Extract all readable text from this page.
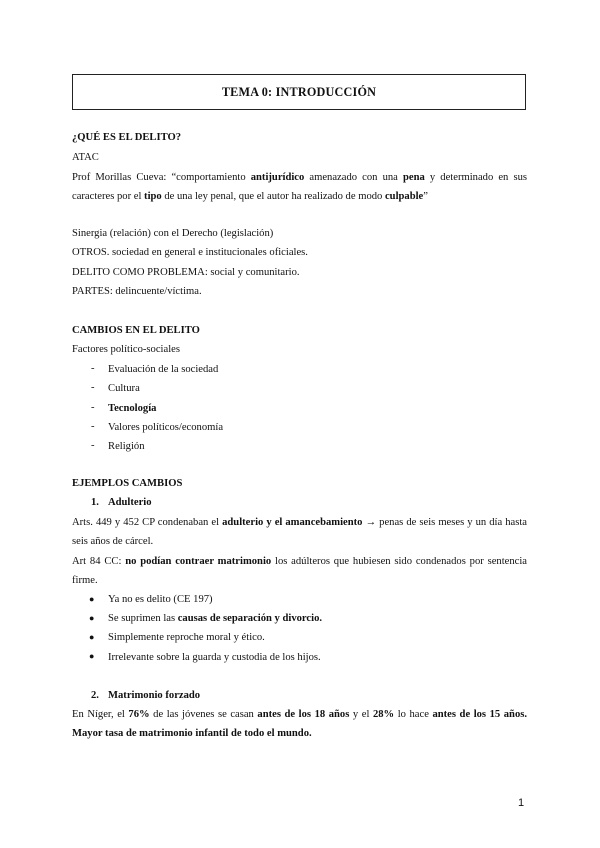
TEMA 0: INTRODUCCIÓN
¿QUÉ ES EL DELITO?
ATAC
Prof Morillas Cueva: “comportamiento antijurídico amenazado con una pena y determinado en sus caracteres por el tipo de una ley penal, que el autor ha realizado de modo culpable”
Sinergia (relación) con el Derecho (legislación)
OTROS. sociedad en general e institucionales oficiales.
DELITO COMO PROBLEMA: social y comunitario.
PARTES: delincuente/víctima.
CAMBIOS EN EL DELITO
Factores político-sociales
- Evaluación de la sociedad
- Cultura
- Tecnología
- Valores políticos/economía
- Religión
EJEMPLOS CAMBIOS
1. Adulterio
Arts. 449 y 452 CP condenaban el adulterio y el amancebamiento → penas de seis meses y un día hasta seis años de cárcel.
Art 84 CC: no podían contraer matrimonio los adúlteros que hubiesen sido condenados por sentencia firme.
● Ya no es delito (CE 197)
● Se suprimen las causas de separación y divorcio.
● Simplemente reproche moral y ético.
● Irrelevante sobre la guarda y custodia de los hijos.
2. Matrimonio forzado
En Níger, el 76% de las jóvenes se casan antes de los 18 años y el 28% lo hace antes de los 15 años. Mayor tasa de matrimonio infantil de todo el mundo.
1
